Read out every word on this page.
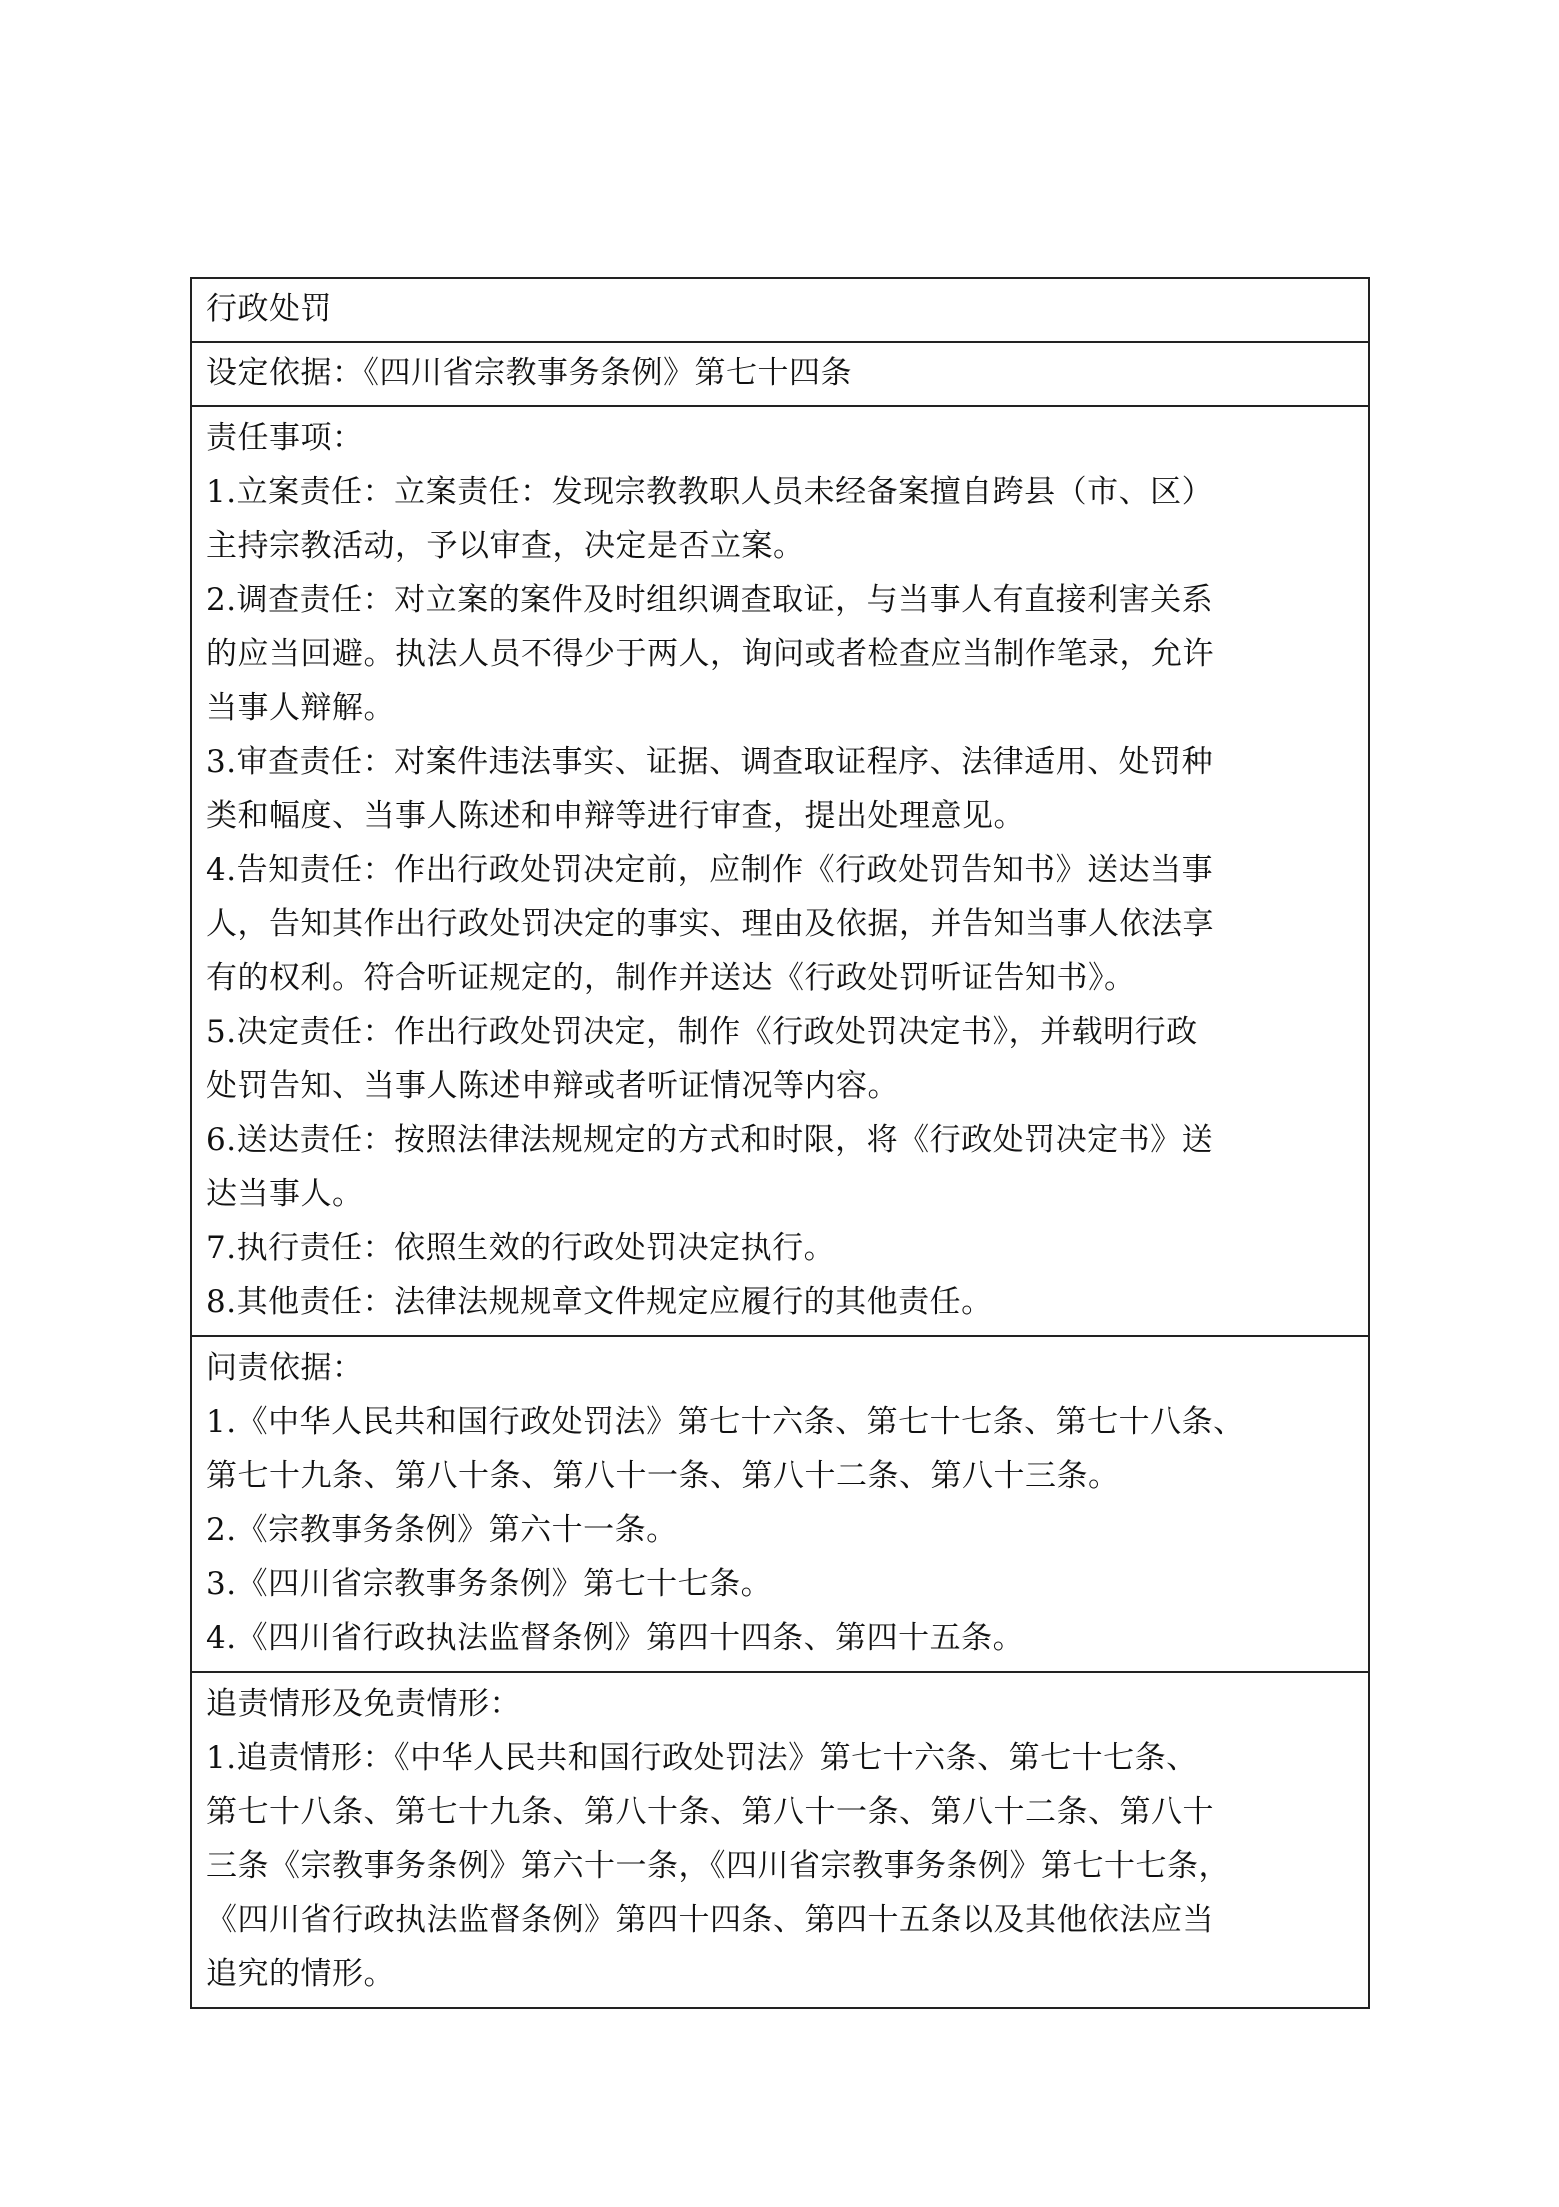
行政处罚
设定依据：《四川省宗教事务条例》第七十四条
责任事项：
1.立案责任：立案责任：发现宗教教职人员未经备案擅自跨县（市、区）
主持宗教活动，予以审查，决定是否立案。
2.调查责任：对立案的案件及时组织调查取证，与当事人有直接利害关系
的应当回避。执法人员不得少于两人，询问或者检查应当制作笔录，允许
当事人辩解。
3.审查责任：对案件违法事实、证据、调查取证程序、法律适用、处罚种
类和幅度、当事人陈述和申辩等进行审查，提出处理意见。
4.告知责任：作出行政处罚决定前，应制作《行政处罚告知书》送达当事
人，告知其作出行政处罚决定的事实、理由及依据，并告知当事人依法享
有的权利。符合听证规定的，制作并送达《行政处罚听证告知书》。
5.决定责任：作出行政处罚决定，制作《行政处罚决定书》，并载明行政
处罚告知、当事人陈述申辩或者听证情况等内容。
6.送达责任：按照法律法规规定的方式和时限，将《行政处罚决定书》送
达当事人。
7.执行责任：依照生效的行政处罚决定执行。
8.其他责任：法律法规规章文件规定应履行的其他责任。
问责依据：
1.《中华人民共和国行政处罚法》第七十六条、第七十七条、第七十八条、
第七十九条、第八十条、第八十一条、第八十二条、第八十三条。
2.《宗教事务条例》第六十一条。
3.《四川省宗教事务条例》第七十七条。
4.《四川省行政执法监督条例》第四十四条、第四十五条。
追责情形及免责情形：
1.追责情形：《中华人民共和国行政处罚法》第七十六条、第七十七条、
第七十八条、第七十九条、第八十条、第八十一条、第八十二条、第八十
三条《宗教事务条例》第六十一条，《四川省宗教事务条例》第七十七条，
《四川省行政执法监督条例》第四十四条、第四十五条以及其他依法应当
追究的情形。
